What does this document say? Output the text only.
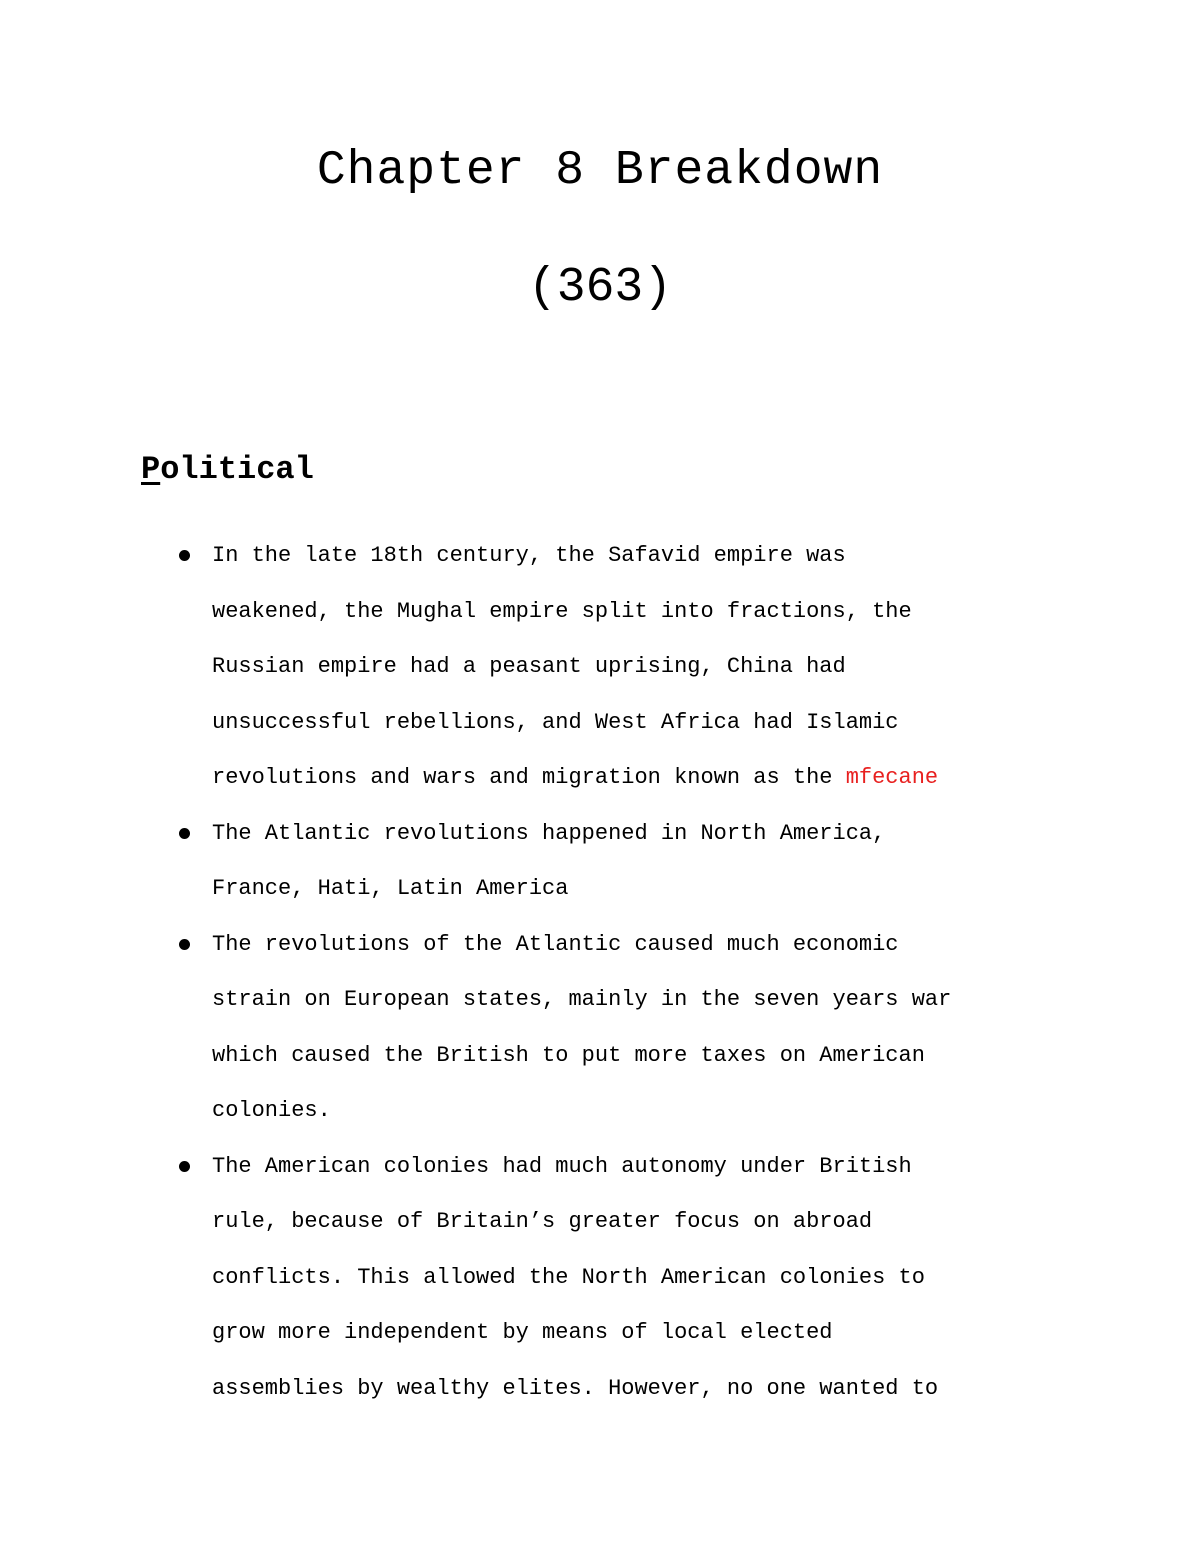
Chapter 8 Breakdown
(363)
Political
In the late 18th century, the Safavid empire was
weakened, the Mughal empire split into fractions, the
Russian empire had a peasant uprising, China had
unsuccessful rebellions, and West Africa had Islamic
revolutions and wars and migration known as the mfecane
The Atlantic revolutions happened in North America,
France, Hati, Latin America
The revolutions of the Atlantic caused much economic
strain on European states, mainly in the seven years war
which caused the British to put more taxes on American
colonies.
The American colonies had much autonomy under British
rule, because of Britain’s greater focus on abroad
conflicts. This allowed the North American colonies to
grow more independent by means of local elected
assemblies by wealthy elites. However, no one wanted to
